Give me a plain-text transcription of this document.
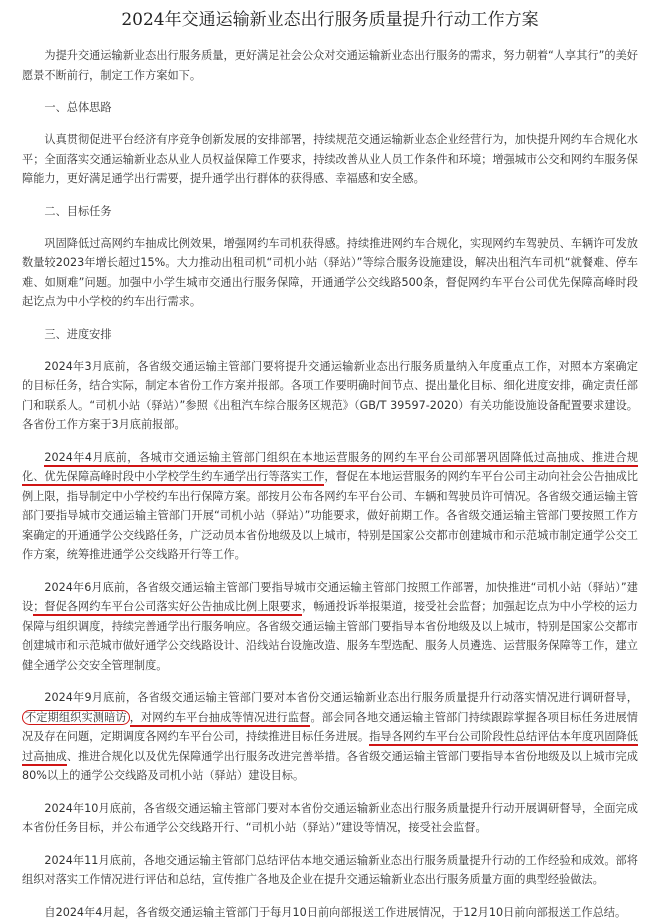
2024年交通运输新业态出行服务质量提升行动工作方案

为提升交通运输新业态出行服务质量，更好满足社会公众对交通运输新业态出行服务的需求，努力朝着“人享其行”的美好愿景不断前行，制定工作方案如下。

一、总体思路

认真贯彻促进平台经济有序竞争创新发展的安排部署，持续规范交通运输新业态企业经营行为，加快提升网约车合规化水平；全面落实交通运输新业态从业人员权益保障工作要求，持续改善从业人员工作条件和环境；增强城市公交和网约车服务保障能力，更好满足通学出行需要，提升通学出行群体的获得感、幸福感和安全感。

二、目标任务

巩固降低过高网约车抽成比例效果，增强网约车司机获得感。持续推进网约车合规化，实现网约车驾驶员、车辆许可发放数量较2023年增长超过15%。大力推动出租司机“司机小站（驿站）”等综合服务设施建设，解决出租汽车司机“就餐难、停车难、如厕难”问题。加强中小学生城市交通出行服务保障，开通通学公交线路500条，督促网约车平台公司优先保障高峰时段起讫点为中小学校的约车出行需求。

三、进度安排

2024年3月底前，各省级交通运输主管部门要将提升交通运输新业态出行服务质量纳入年度重点工作，对照本方案确定的目标任务，结合实际，制定本省份工作方案并报部。各项工作要明确时间节点、提出量化目标、细化进度安排，确定责任部门和联系人。“司机小站（驿站）”参照《出租汽车综合服务区规范》（GB/T 39597-2020）有关功能设施设备配置要求建设。各省份工作方案于3月底前报部。

2024年4月底前，各城市交通运输主管部门组织在本地运营服务的网约车平台公司部署巩固降低过高抽成、推进合规化、优先保障高峰时段中小学校学生约车通学出行等落实工作，督促在本地运营服务的网约车平台公司主动向社会公告抽成比例上限，指导制定中小学校约车出行保障方案。部按月公布各网约车平台公司、车辆和驾驶员许可情况。各省级交通运输主管部门要指导城市交通运输主管部门开展“司机小站（驿站）”功能要求，做好前期工作。各省级交通运输主管部门要按照工作方案确定的开通通学公交线路任务，广泛动员本省份地级及以上城市，特别是国家公交都市创建城市和示范城市制定通学公交工作方案，统筹推进通学公交线路开行等工作。

2024年6月底前，各省级交通运输主管部门要指导城市交通运输主管部门按照工作部署，加快推进“司机小站（驿站）”建设；督促各网约车平台公司落实好公告抽成比例上限要求，畅通投诉举报渠道，接受社会监督；加强起讫点为中小学校的运力保障与组织调度，持续完善通学出行服务响应。各省级交通运输主管部门要指导本省份地级及以上城市，特别是国家公交都市创建城市和示范城市做好通学公交线路设计、沿线站台设施改造、服务车型选配、服务人员遴选、运营服务保障等工作，建立健全通学公交安全管理制度。

2024年9月底前，各省级交通运输主管部门要对本省份交通运输新业态出行服务质量提升行动落实情况进行调研督导，不定期组织实测暗访 ，对网约车平台抽成等情况进行监督。部会同各地交通运输主管部门持续跟踪掌握各项目标任务进展情况及存在问题，定期调度各网约车平台公司，持续推进目标任务进展。指导各网约车平台公司阶段性总结评估本年度巩固降低过高抽成、推进合规化以及优先保障通学出行服务改进完善举措。各省级交通运输主管部门要指导本省份地级及以上城市完成80%以上的通学公交线路及司机小站（驿站）建设目标。

2024年10月底前，各省级交通运输主管部门要对本省份交通运输新业态出行服务质量提升行动开展调研督导，全面完成本省份任务目标，并公布通学公交线路开行、“司机小站（驿站）”建设等情况，接受社会监督。

2024年11月底前，各地交通运输主管部门总结评估本地交通运输新业态出行服务质量提升行动的工作经验和成效。部将组织对落实工作情况进行评估和总结，宣传推广各地及企业在提升交通运输新业态出行服务质量方面的典型经验做法。

自2024年4月起，各省级交通运输主管部门于每月10日前向部报送工作进展情况，于12月10日前向部报送工作总结。
